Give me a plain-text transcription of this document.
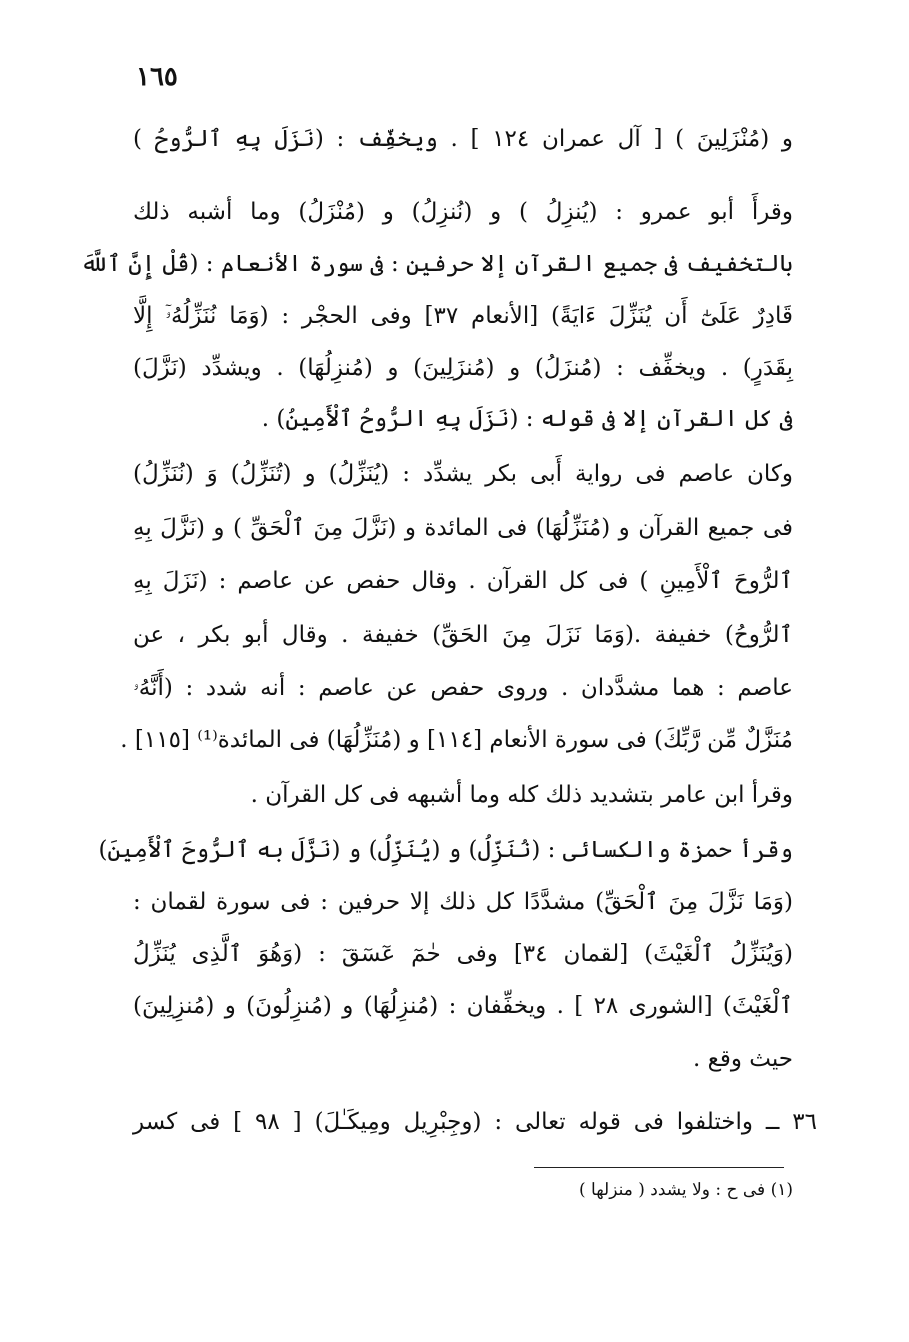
١٦٥
و (مُنْزَلِينَ ) [ آل عمران ١٢٤ ] . ويخفِّف : (نَزَلَ بِهِ ٱلرُّوحُ )
وقرأَ أبو عمرو : (يُنزِلُ ) و (نُنزِلُ) و (مُنْزَلُ) وما أشبه ذلك
بالتخفيف فى جميع القرآن إلا حرفين : فى سورة الأنعام : (قُلْ إِنَّ ٱللَّهَ
قَادِرٌ عَلَىٰٓ أَن يُنَزِّلَ ءَايَةً) [الأنعام ٣٧] وفى الحجْر : (وَمَا نُنَزِّلُهُۥٓ إِلَّا
بِقَدَرٍ) . ويخفِّف : (مُنزَلُ) و (مُنزَلِينَ) و (مُنزِلُهَا) . ويشدِّد (نَزَّلَ)
فى كل القرآن إلا فى قوله : (نَزَلَ بِهِ الرُّوحُ ٱلْأَمِينُ) .
وكان عاصم فى رواية أَبى بكر يشدِّد : (يُنَزِّلُ) و (تُنَزِّلُ) وَ (نُنَزِّلُ)
فى جميع القرآن و (مُنَزِّلُهَا) فى المائدة و (نَزَّلَ مِنَ ٱلْحَقِّ ) و (نَزَّلَ بِهِ
ٱلرُّوحَ ٱلْأَمِينِ ) فى كل القرآن . وقال حفص عن عاصم : (نَزَلَ بِهِ
ٱلرُّوحُ) خفيفة .(وَمَا نَزَلَ مِنَ الحَقِّ) خفيفة . وقال أبو بكر ، عن
عاصم : هما مشدَّدان . وروى حفص عن عاصم : أنه شدد : (أَنَّهُۥ
مُنَزَّلٌ مِّن رَّبِّكَ) فى سورة الأنعام [١١٤] و (مُنَزِّلُهَا) فى المائدة⁽¹⁾ [١١٥] .
وقرأ ابن عامر بتشديد ذلك كله وما أشبهه فى كل القرآن .
وقرأ حمزة والكسائى : (نُنَزِّلُ) و (يُنَزِّلُ) و (نَزَّلَ به ٱلرُّوحَ ٱلْأَمِينَ)
(وَمَا نَزَّلَ مِنَ ٱلْحَقِّ) مشدَّدًا كل ذلك إلا حرفين : فى سورة لقمان :
(وَيُنَزِّلُ ٱلْغَيْثَ) [لقمان ٣٤] وفى حٰمٓ عٓسٓقٓ : (وَهُوَ ٱلَّذِى يُنَزِّلُ
ٱلْغَيْثَ) [الشورى ٢٨ ] . ويخفِّفان : (مُنزِلُهَا) و (مُنزِلُونَ) و (مُنزِلِينَ)
حيث وقع .
٣٦ ــ واختلفوا فى قوله تعالى : (وجِبْرِيل ومِيكَـٰلَ) [ ٩٨ ] فى كسر
(١) فى ح : ولا يشدد ( منزلها )
